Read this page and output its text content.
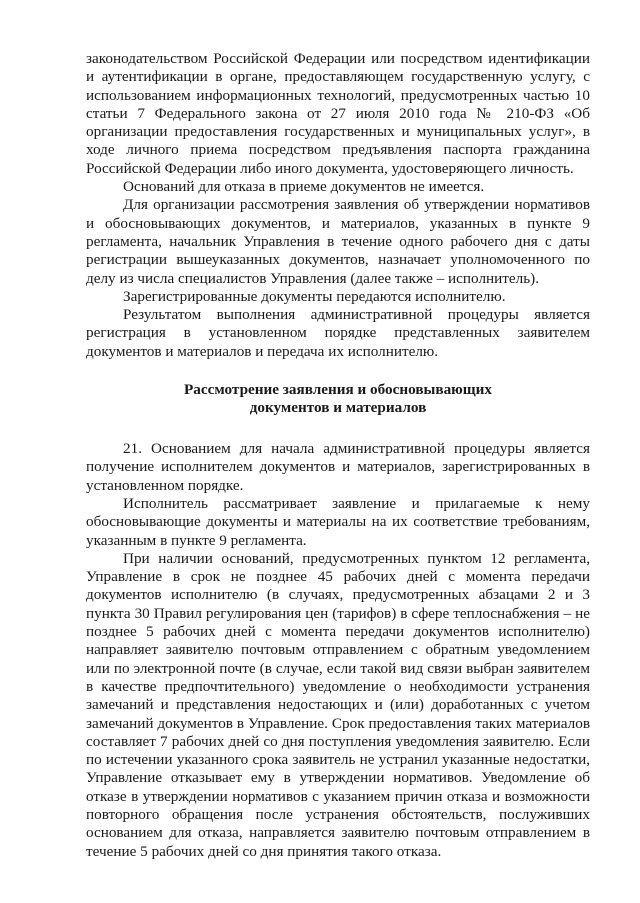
законодательством Российской Федерации или посредством идентификации и аутентификации в органе, предоставляющем государственную услугу, с использованием информационных технологий, предусмотренных частью 10 статьи 7 Федерального закона от 27 июля 2010 года № 210-ФЗ «Об организации предоставления государственных и муниципальных услуг», в ходе личного приема посредством предъявления паспорта гражданина Российской Федерации либо иного документа, удостоверяющего личность.

Оснований для отказа в приеме документов не имеется.

Для организации рассмотрения заявления об утверждении нормативов и обосновывающих документов, и материалов, указанных в пункте 9 регламента, начальник Управления в течение одного рабочего дня с даты регистрации вышеуказанных документов, назначает уполномоченного по делу из числа специалистов Управления (далее также – исполнитель).

Зарегистрированные документы передаются исполнителю.

Результатом выполнения административной процедуры является регистрация в установленном порядке представленных заявителем документов и материалов и передача их исполнителю.

Рассмотрение заявления и обосновывающих
документов и материалов

21. Основанием для начала административной процедуры является получение исполнителем документов и материалов, зарегистрированных в установленном порядке.

Исполнитель рассматривает заявление и прилагаемые к нему обосновывающие документы и материалы на их соответствие требованиям, указанным в пункте 9 регламента.

При наличии оснований, предусмотренных пунктом 12 регламента, Управление в срок не позднее 45 рабочих дней с момента передачи документов исполнителю (в случаях, предусмотренных абзацами 2 и 3 пункта 30 Правил регулирования цен (тарифов) в сфере теплоснабжения – не позднее 5 рабочих дней с момента передачи документов исполнителю) направляет заявителю почтовым отправлением с обратным уведомлением или по электронной почте (в случае, если такой вид связи выбран заявителем в качестве предпочтительного) уведомление о необходимости устранения замечаний и представления недостающих и (или) доработанных с учетом замечаний документов в Управление. Срок предоставления таких материалов составляет 7 рабочих дней со дня поступления уведомления заявителю. Если по истечении указанного срока заявитель не устранил указанные недостатки, Управление отказывает ему в утверждении нормативов. Уведомление об отказе в утверждении нормативов с указанием причин отказа и возможности повторного обращения после устранения обстоятельств, послуживших основанием для отказа, направляется заявителю почтовым отправлением в течение 5 рабочих дней со дня принятия такого отказа.
